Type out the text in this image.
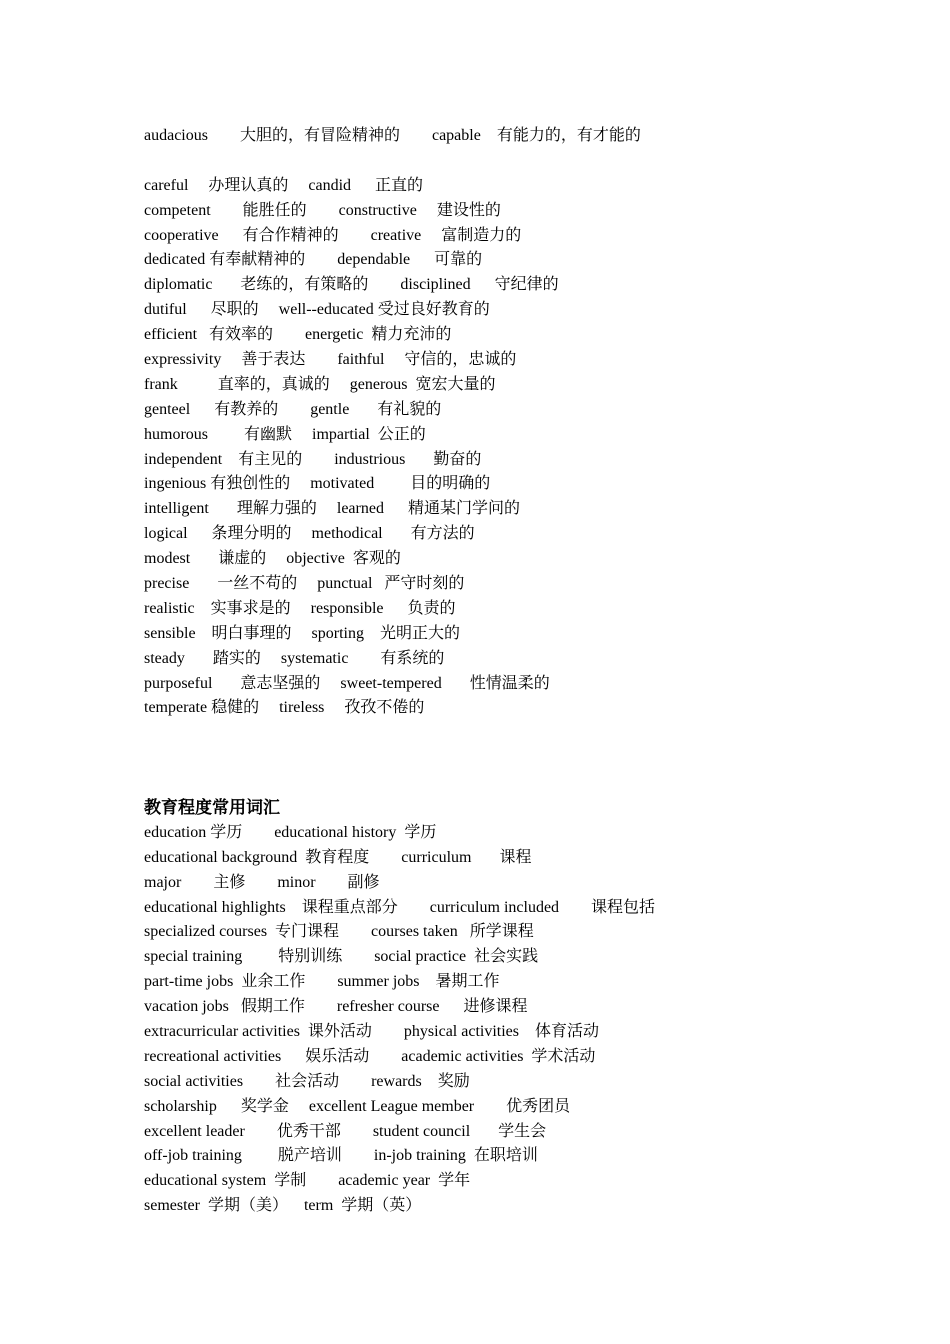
audacious        大胆的，有冒险精神的        capable    有能力的，有才能的
careful     办理认真的     candid      正直的
competent        能胜任的        constructive     建设性的
cooperative      有合作精神的        creative     富制造力的
dedicated 有奉献精神的        dependable      可靠的
diplomatic       老练的，有策略的        disciplined      守纪律的
dutiful      尽职的     well--educated 受过良好教育的
efficient   有效率的        energetic  精力充沛的
expressivity     善于表达        faithful     守信的，忠诚的
frank          直率的，真诚的     generous  宽宏大量的
genteel      有教养的        gentle       有礼貌的
humorous         有幽默     impartial  公正的
independent    有主见的        industrious       勤奋的
ingenious 有独创性的     motivated         目的明确的
intelligent       理解力强的     learned      精通某门学问的
logical      条理分明的     methodical       有方法的
modest       谦虚的     objective  客观的
precise       一丝不苟的     punctual   严守时刻的
realistic    实事求是的     responsible      负责的
sensible    明白事理的     sporting    光明正大的
steady       踏实的     systematic        有系统的
purposeful       意志坚强的     sweet-tempered       性情温柔的
temperate 稳健的     tireless     孜孜不倦的
教育程度常用词汇
education 学历        educational history  学历
educational background  教育程度        curriculum       课程
major        主修        minor        副修
educational highlights    课程重点部分        curriculum included        课程包括
specialized courses  专门课程        courses taken   所学课程
special training         特别训练        social practice  社会实践
part-time jobs  业余工作        summer jobs    暑期工作
vacation jobs   假期工作        refresher course      进修课程
extracurricular activities  课外活动        physical activities    体育活动
recreational activities      娱乐活动        academic activities  学术活动
social activities        社会活动        rewards    奖励
scholarship      奖学金     excellent League member        优秀团员
excellent leader        优秀干部        student council       学生会
off-job training         脱产培训        in-job training  在职培训
educational system  学制        academic year  学年
semester  学期（美）    term  学期（英）
